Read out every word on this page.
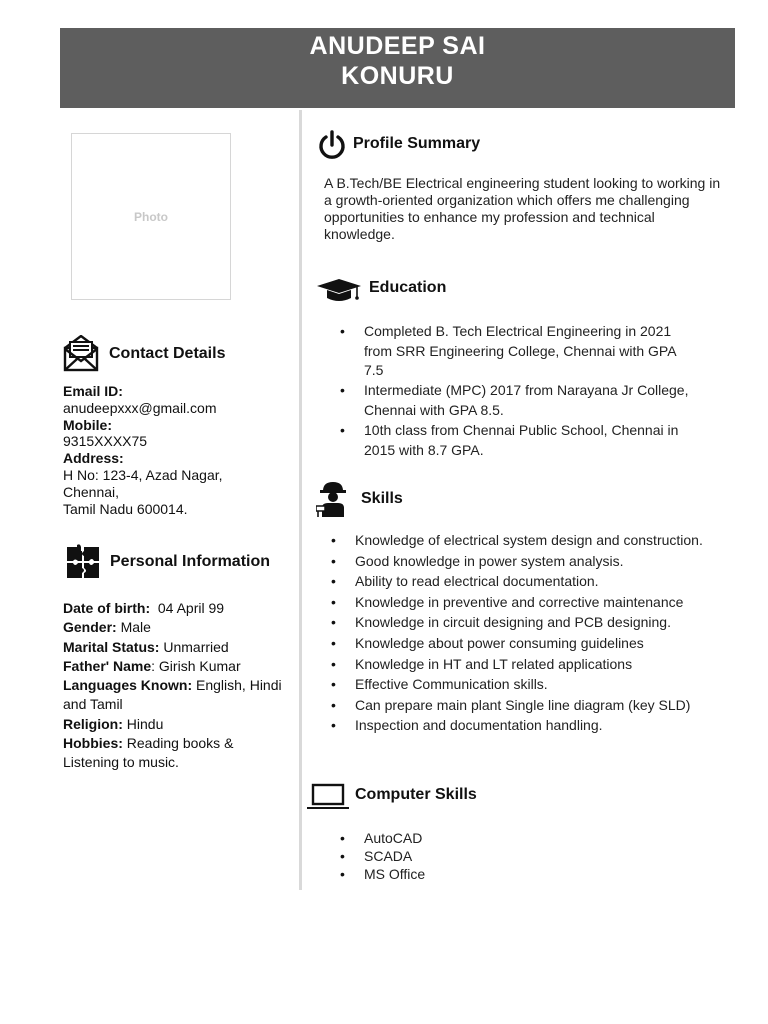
ANUDEEP SAI
KONURU
Photo
Contact Details
Email ID:
anudeepxxx@gmail.com
Mobile:
9315XXXX75
Address:
H No: 123-4, Azad Nagar,
Chennai,
Tamil Nadu 600014.
Personal Information
Date of birth: 04 April 99
Gender: Male
Marital Status: Unmarried
Father' Name: Girish Kumar
Languages Known: English, Hindi and Tamil
Religion: Hindu
Hobbies: Reading books & Listening to music.
Profile Summary
A B.Tech/BE Electrical engineering student looking to working in a growth-oriented organization which offers me challenging opportunities to enhance my profession and technical knowledge.
Education
• Completed B. Tech Electrical Engineering in 2021 from SRR Engineering College, Chennai with GPA 7.5
• Intermediate (MPC) 2017 from Narayana Jr College, Chennai with GPA 8.5.
• 10th class from Chennai Public School, Chennai in 2015 with 8.7 GPA.
Skills
• Knowledge of electrical system design and construction.
• Good knowledge in power system analysis.
• Ability to read electrical documentation.
• Knowledge in preventive and corrective maintenance
• Knowledge in circuit designing and PCB designing.
• Knowledge about power consuming guidelines
• Knowledge in HT and LT related applications
• Effective Communication skills.
• Can prepare main plant Single line diagram (key SLD)
• Inspection and documentation handling.
Computer Skills
• AutoCAD
• SCADA
• MS Office
